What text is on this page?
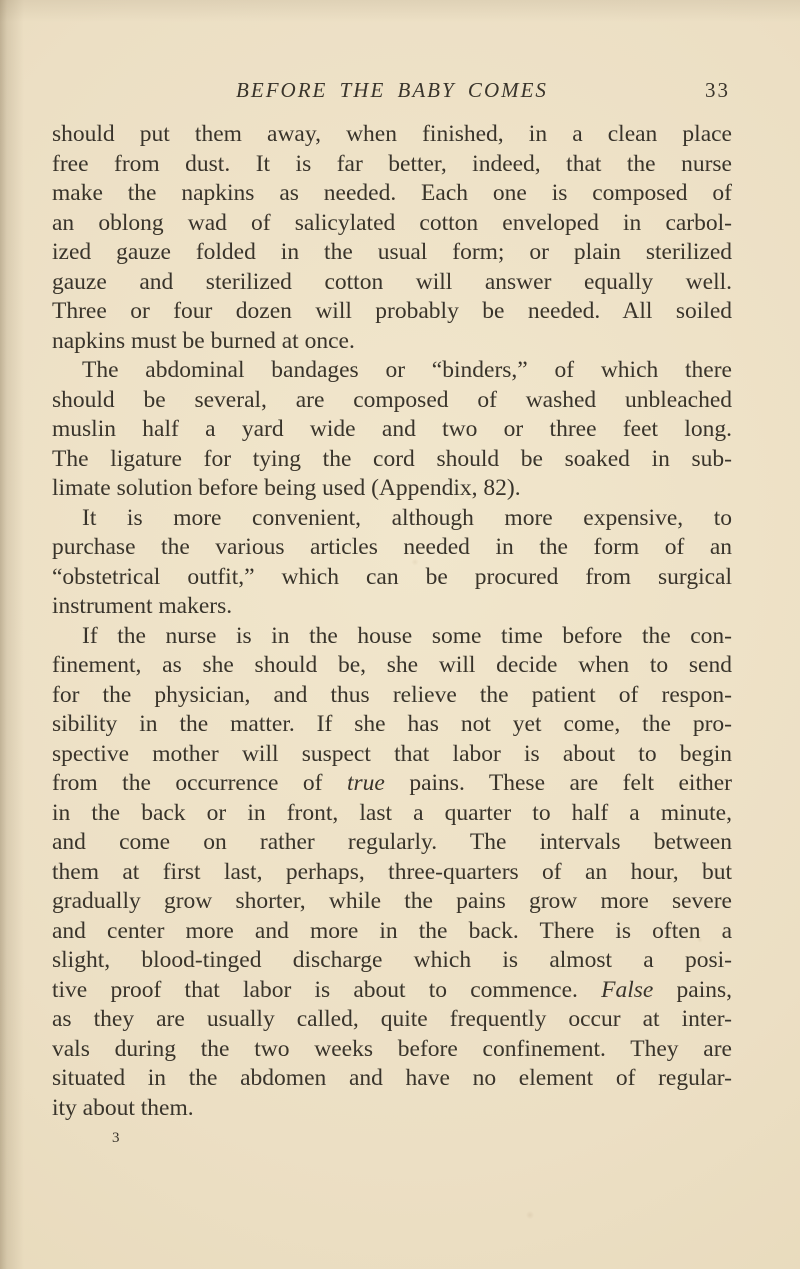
BEFORE THE BABY COMES	33
should put them away, when finished, in a clean place
free from dust. It is far better, indeed, that the nurse
make the napkins as needed. Each one is composed of
an oblong wad of salicylated cotton enveloped in carbol-
ized gauze folded in the usual form; or plain sterilized
gauze and sterilized cotton will answer equally well.
Three or four dozen will probably be needed. All soiled
napkins must be burned at once.
The abdominal bandages or “binders,” of which there
should be several, are composed of washed unbleached
muslin half a yard wide and two or three feet long.
The ligature for tying the cord should be soaked in sub-
limate solution before being used (Appendix, 82).
It is more convenient, although more expensive, to
purchase the various articles needed in the form of an
“obstetrical outfit,” which can be procured from surgical
instrument makers.
If the nurse is in the house some time before the con-
finement, as she should be, she will decide when to send
for the physician, and thus relieve the patient of respon-
sibility in the matter. If she has not yet come, the pro-
spective mother will suspect that labor is about to begin
from the occurrence of true pains. These are felt either
in the back or in front, last a quarter to half a minute,
and come on rather regularly. The intervals between
them at first last, perhaps, three-quarters of an hour, but
gradually grow shorter, while the pains grow more severe
and center more and more in the back. There is often a
slight, blood-tinged discharge which is almost a posi-
tive proof that labor is about to commence. False pains,
as they are usually called, quite frequently occur at inter-
vals during the two weeks before confinement. They are
situated in the abdomen and have no element of regular-
ity about them.
3
